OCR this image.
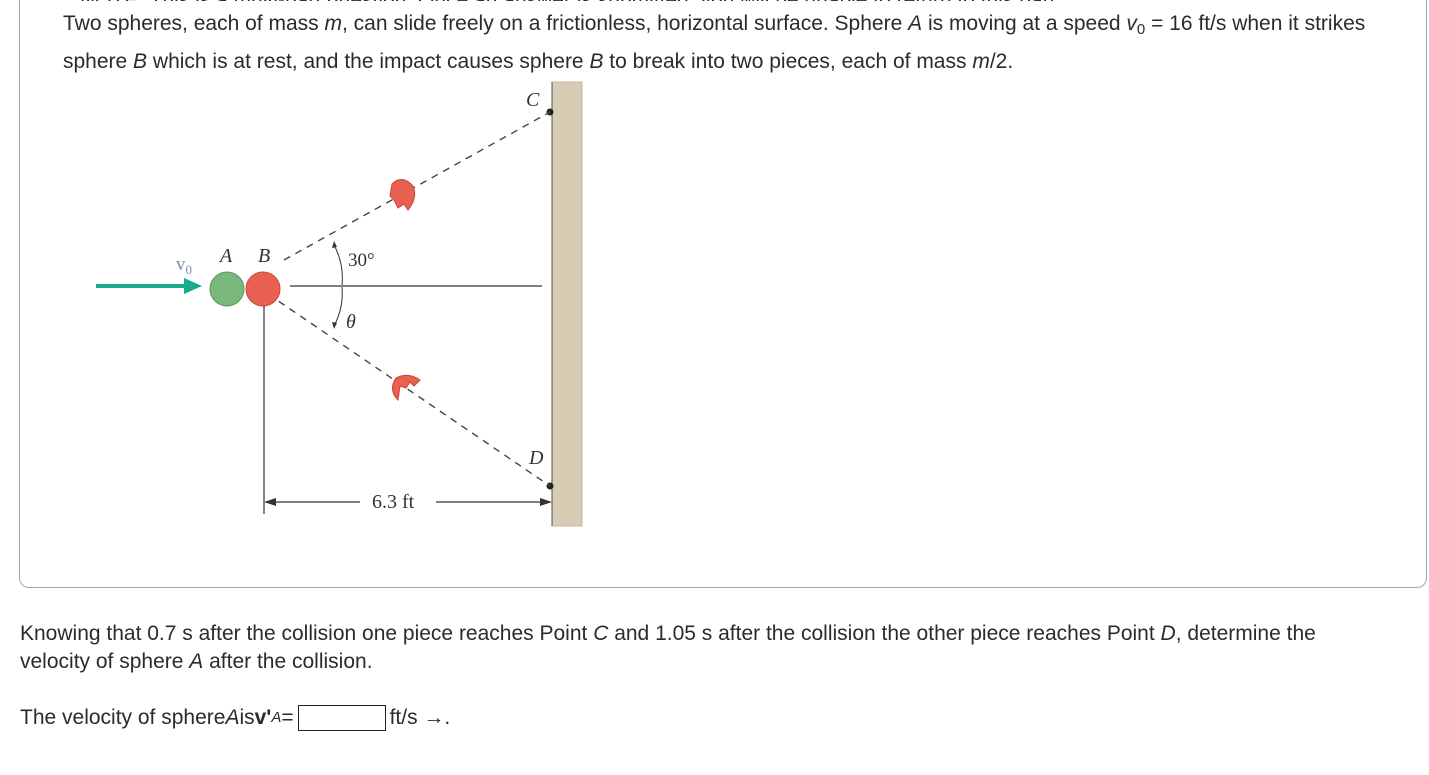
Two spheres, each of mass m, can slide freely on a frictionless, horizontal surface. Sphere A is moving at a speed $v_0 = 16$ ft/s when it strikes sphere B which is at rest, and the impact causes sphere B to break into two pieces, each of mass m/2.
C
D
30°
θ
$v_0$
A B
6.3 ft
Knowing that 0.7 s after the collision one piece reaches Point C and 1.05 s after the collision the other piece reaches Point D, determine the velocity of sphere A after the collision.
The velocity of sphere A is v' A =	ft/s →.
